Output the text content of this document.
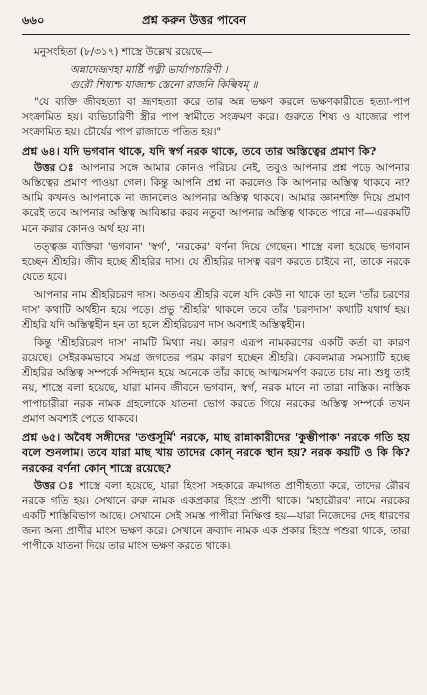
৬৬০	প্রশ্ন করুন উত্তর পাবেন

মনুসংহিতা (৮/৩১৭) শাস্ত্রে উল্লেখ রয়েছে—

অন্নাদেভ্রূণহা মার্ষ্টি পত্নী ভার্যাপচারিণী ।

গুরৌ শিষ্যশ্চ যাজ্যশ্চ স্তেনো রাজনি কিল্বিষম্ ॥

"যে ব্যক্তি জীবহত্যা বা ভ্রূণহত্যা করে তার অন্ন ভক্ষণ করলে ভক্ষণকারীতে হত্যা-পাপ সংক্রামিত হয়। ব্যভিচারিণী স্ত্রীর পাপ স্বামীতে সংক্রমণ করে। গুরুতে শিষ্য ও যাজ্যের পাপ সংক্রামিত হয়। চৌর্যের পাপ রাজাতে পতিত হয়।"

প্রশ্ন ৬৪। যদি ভগবান থাকে, যদি স্বর্গ নরক থাকে, তবে তার অস্তিত্বের প্রমাণ কি?

উত্তর ঃ আপনার সঙ্গে আমার কোনও পরিচয় নেই, তবুও আপনার প্রশ্ন পড়ে আপনার অস্তিত্বের প্রমাণ পাওয়া গেল। কিন্তু আপনি প্রশ্ন না করলেও কি আপনার অস্তিত্ব থাকবে না? আমি কখনও আপনাকে না জানলেও আপনার অস্তিত্ব থাকবে। আমার জ্ঞানশক্তি দিয়ে প্রমাণ করেই তবে আপনার অস্তিত্ব আবিষ্কার করব নতুবা আপনার অস্তিত্ব থাকতে পারে না—এরকমটি মনে করার কোনও অর্থ হয় না।

তত্ত্বজ্ঞ ব্যক্তিরা 'ভগবান' 'স্বর্গ', 'নরকের' বর্ণনা দিয়ে গেছেন। শাস্ত্রে বলা হয়েছে ভগবান হচ্ছেন শ্রীহরি। জীব হচ্ছে শ্রীহরির দাস। যে শ্রীহরির দাসত্ব বরণ করতে চাইবে না, তাকে নরকে যেতে হবে।

আপনার নাম শ্রীহরিচরণ দাস। অতএব শ্রীহরি বলে যদি কেউ না থাকে তা হলে 'তাঁর চরণের দাস' কথাটি অর্থহীন হয়ে পড়ে। প্রভু 'শ্রীহরি' থাকলে তবে তাঁর 'চরণদাস' কথাটি যথার্থ হয়। শ্রীহরি যদি অস্তিত্বহীন হন তা হলে শ্রীহরিচরণ দাস অবশ্যই অস্তিত্বহীন।

কিন্তু 'শ্রীহরিচরণ দাস' নামটি মিথ্যা নয়। কারণ এরূপ নামকরণের একটি কর্তা বা কারণ রয়েছে। সেইরকমভাবে সমগ্র জগতের পরম কারণ হচ্ছেন শ্রীহরি। কেবলমাত্র সমস্যাটি হচ্ছে শ্রীহরির অস্তিত্ব সম্পর্কে সন্দিহান হয়ে অনেকে তাঁর কাছে আত্মসমর্পণ করতে চায় না। শুধু তাই নয়, শাস্ত্রে বলা হয়েছে, যারা মানব জীবনে ভগবান, স্বর্গ, নরক মানে না তারা নাস্তিক। নাস্তিক পাপাচারীরা নরক নামক গ্রহলোকে যাতনা ভোগ করতে গিয়ে নরকের অস্তিত্ব সম্পর্কে তখন প্রমাণ অবশ্যই পেতে থাকবে।

প্রশ্ন ৬৫। অবৈধ সঙ্গীদের 'তপ্তসূর্মি' নরকে, মাছ রান্নাকারীদের 'কুম্ভীপাক' নরকে গতি হয় বলে শুনলাম। তবে যারা মাছ খায় তাদের কোন্ নরকে স্থান হয়? নরক কয়টি ও কি কি? নরকের বর্ণনা কোন্ শাস্ত্রে রয়েছে?

উত্তর ঃ শাস্ত্রে বলা হয়েছে, যারা হিংসা সহকারে ক্রমাগত প্রাণীহত্যা করে, তাদের রৌরব নরকে গতি হয়। সেখানে রুরু নামক একপ্রকার হিংস্র প্রাণী থাকে। 'মহারৌরব' নামে নরকের একটি শাস্তিবিভাগ আছে। সেখানে সেই সমস্ত পাপীরা নিক্ষিপ্ত হয়—যারা নিজেদের দেহ ধারণের জন্য অন্য প্রাণীর মাংস ভক্ষণ করে। সেখানে ক্রব্যাদ নামক এক প্রকার হিংস্র পশুরা থাকে, তারা পাপীকে যাতনা দিয়ে তার মাংস ভক্ষণ করতে থাকে।
